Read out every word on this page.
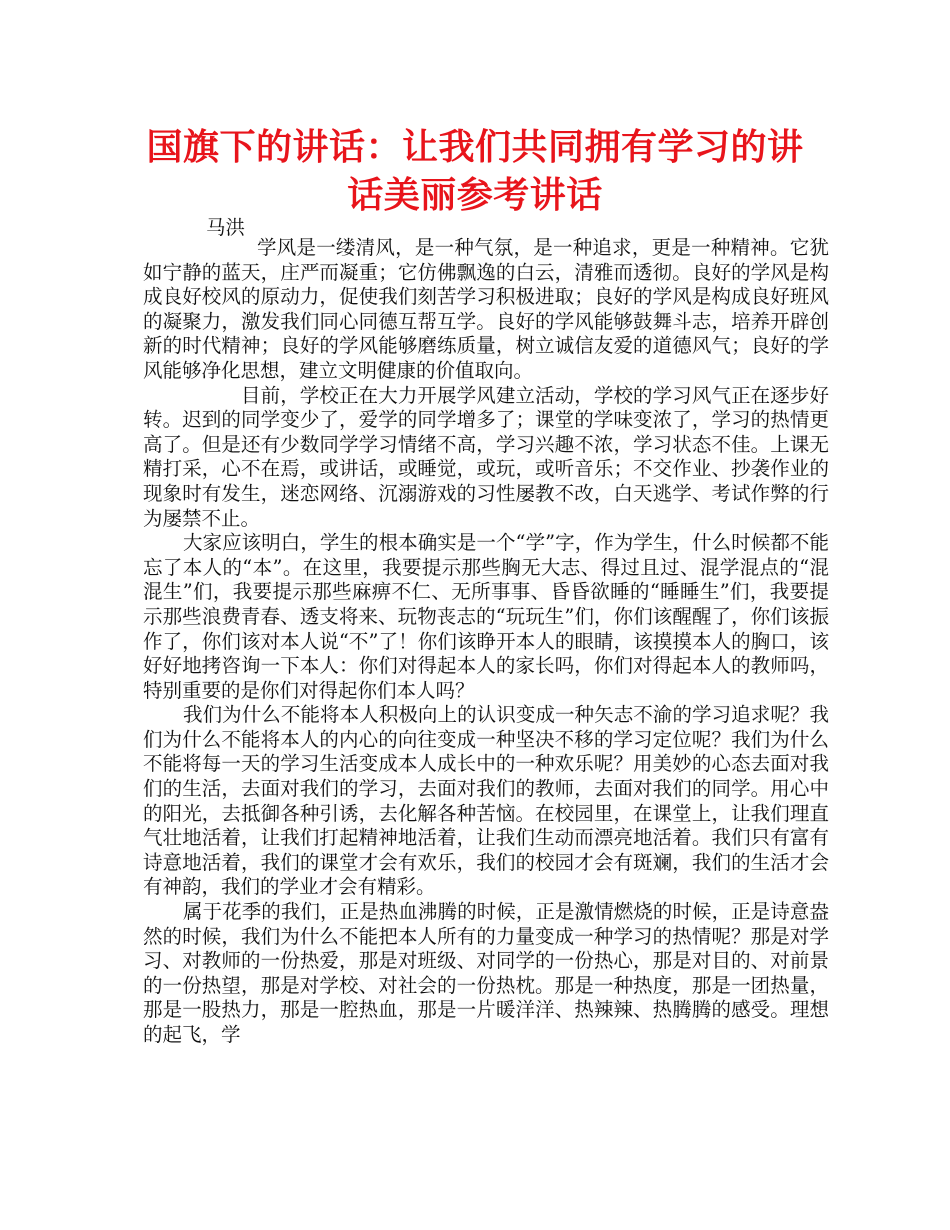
国旗下的讲话：让我们共同拥有学习的讲
话美丽参考讲话
马洪

学风是一缕清风，是一种气氛，是一种追求，更是一种精神。它犹如宁静的蓝天，庄严而凝重；它仿佛飘逸的白云，清雅而透彻。良好的学风是构成良好校风的原动力，促使我们刻苦学习积极进取；良好的学风是构成良好班风的凝聚力，激发我们同心同德互帮互学。良好的学风能够鼓舞斗志，培养开辟创新的时代精神；良好的学风能够磨练质量，树立诚信友爱的道德风气；良好的学风能够净化思想，建立文明健康的价值取向。

目前，学校正在大力开展学风建立活动，学校的学习风气正在逐步好转。迟到的同学变少了，爱学的同学增多了；课堂的学味变浓了，学习的热情更高了。但是还有少数同学学习情绪不高，学习兴趣不浓，学习状态不佳。上课无精打采，心不在焉，或讲话，或睡觉，或玩，或听音乐；不交作业、抄袭作业的现象时有发生，迷恋网络、沉溺游戏的习性屡教不改，白天逃学、考试作弊的行为屡禁不止。

大家应该明白，学生的根本确实是一个“学”字，作为学生，什么时候都不能忘了本人的“本”。在这里，我要提示那些胸无大志、得过且过、混学混点的“混混生”们，我要提示那些麻痹不仁、无所事事、昏昏欲睡的“睡睡生”们，我要提示那些浪费青春、透支将来、玩物丧志的“玩玩生”们，你们该醒醒了，你们该振作了，你们该对本人说“不”了！你们该睁开本人的眼睛，该摸摸本人的胸口，该好好地拷咨询一下本人：你们对得起本人的家长吗，你们对得起本人的教师吗，特别重要的是你们对得起你们本人吗？

我们为什么不能将本人积极向上的认识变成一种矢志不渝的学习追求呢？我们为什么不能将本人的内心的向往变成一种坚决不移的学习定位呢？我们为什么不能将每一天的学习生活变成本人成长中的一种欢乐呢？用美妙的心态去面对我们的生活，去面对我们的学习，去面对我们的教师，去面对我们的同学。用心中的阳光，去抵御各种引诱，去化解各种苦恼。在校园里，在课堂上，让我们理直气壮地活着，让我们打起精神地活着，让我们生动而漂亮地活着。我们只有富有诗意地活着，我们的课堂才会有欢乐，我们的校园才会有斑斓，我们的生活才会有神韵，我们的学业才会有精彩。

属于花季的我们，正是热血沸腾的时候，正是激情燃烧的时候，正是诗意盎然的时候，我们为什么不能把本人所有的力量变成一种学习的热情呢？那是对学习、对教师的一份热爱，那是对班级、对同学的一份热心，那是对目的、对前景的一份热望，那是对学校、对社会的一份热枕。那是一种热度，那是一团热量，那是一股热力，那是一腔热血，那是一片暖洋洋、热辣辣、热腾腾的感受。理想的起飞，学
